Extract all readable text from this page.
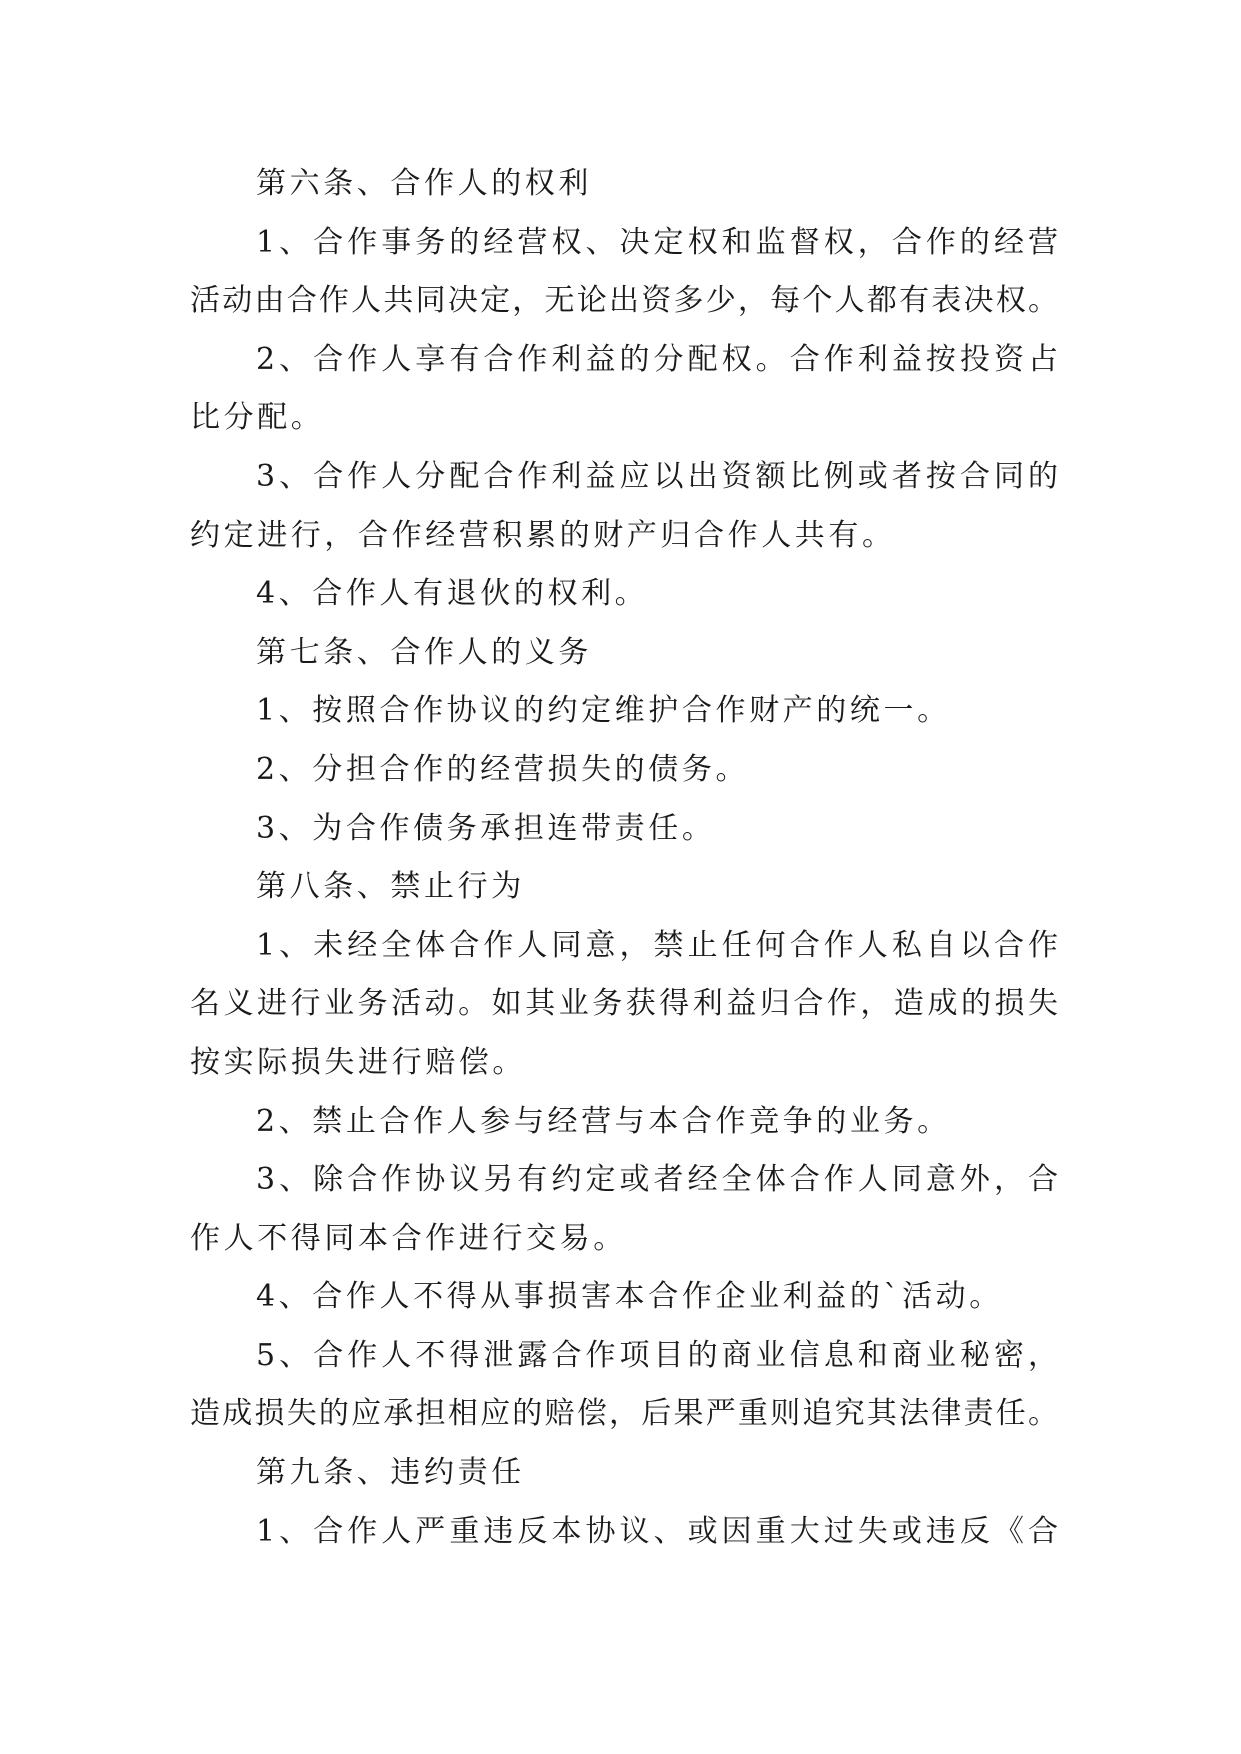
第六条、合作人的权利
1、合作事务的经营权、决定权和监督权，合作的经营
活动由合作人共同决定，无论出资多少，每个人都有表决权。
2、合作人享有合作利益的分配权。合作利益按投资占
比分配。
3、合作人分配合作利益应以出资额比例或者按合同的
约定进行，合作经营积累的财产归合作人共有。
4、合作人有退伙的权利。
第七条、合作人的义务
1、按照合作协议的约定维护合作财产的统一。
2、分担合作的经营损失的债务。
3、为合作债务承担连带责任。
第八条、禁止行为
1、未经全体合作人同意，禁止任何合作人私自以合作
名义进行业务活动。如其业务获得利益归合作，造成的损失
按实际损失进行赔偿。
2、禁止合作人参与经营与本合作竞争的业务。
3、除合作协议另有约定或者经全体合作人同意外，合
作人不得同本合作进行交易。
4、合作人不得从事损害本合作企业利益的`活动。
5、合作人不得泄露合作项目的商业信息和商业秘密，
造成损失的应承担相应的赔偿，后果严重则追究其法律责任。
第九条、违约责任
1、合作人严重违反本协议、或因重大过失或违反《合
